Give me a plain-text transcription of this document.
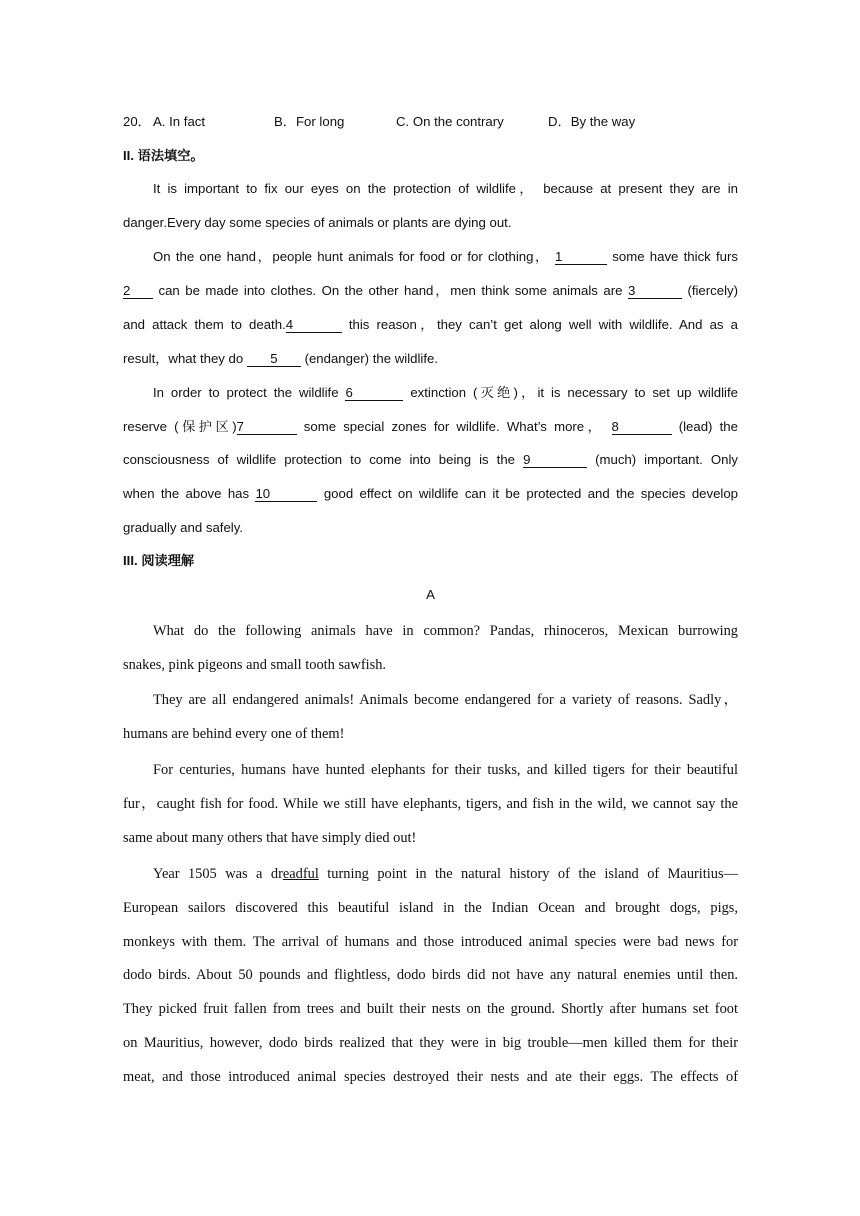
20． A. In fact	B．For long	C. On the contrary	D．By the way
II. 语法填空。
It is important to fix our eyes on the protection of wildlife， because at present they are in
danger.Every day some species of animals or plants are dying out.
On the one hand，people hunt animals for food or for clothing， 1	some have thick furs
2 can be made into clothes. On the other hand，men think some animals are 3	(fiercely)
and attack them to death.4	this reason，they can’t get along well with wildlife. And as a
result，what they do 5 (endanger) the wildlife.
In order to protect the wildlife 6	extinction (灭绝)，it is necessary to set up wildlife
reserve (保护区)7	some special zones for wildlife. What’s more， 8	(lead) the
consciousness of wildlife protection to come into being is the 9	(much) important. Only
when the above has 10	good effect on wildlife can it be protected and the species develop
gradually and safely.
III. 阅读理解
A
What do the following animals have in common? Pandas, rhinoceros, Mexican burrowing
snakes, pink pigeons and small tooth sawfish.
They are all endangered animals! Animals become endangered for a variety of reasons. Sadly，
humans are behind every one of them!
For centuries, humans have hunted elephants for their tusks, and killed tigers for their beautiful
fur，caught fish for food. While we still have elephants, tigers, and fish in the wild, we cannot say the
same about many others that have simply died out!
Year 1505 was a dreadful turning point in the natural history of the island of Mauritius—
European sailors discovered this beautiful island in the Indian Ocean and brought dogs, pigs,
monkeys with them. The arrival of humans and those introduced animal species were bad news for
dodo birds. About 50 pounds and flightless, dodo birds did not have any natural enemies until then.
They picked fruit fallen from trees and built their nests on the ground. Shortly after humans set foot
on Mauritius, however, dodo birds realized that they were in big trouble—men killed them for their
meat, and those introduced animal species destroyed their nests and ate their eggs. The effects of
